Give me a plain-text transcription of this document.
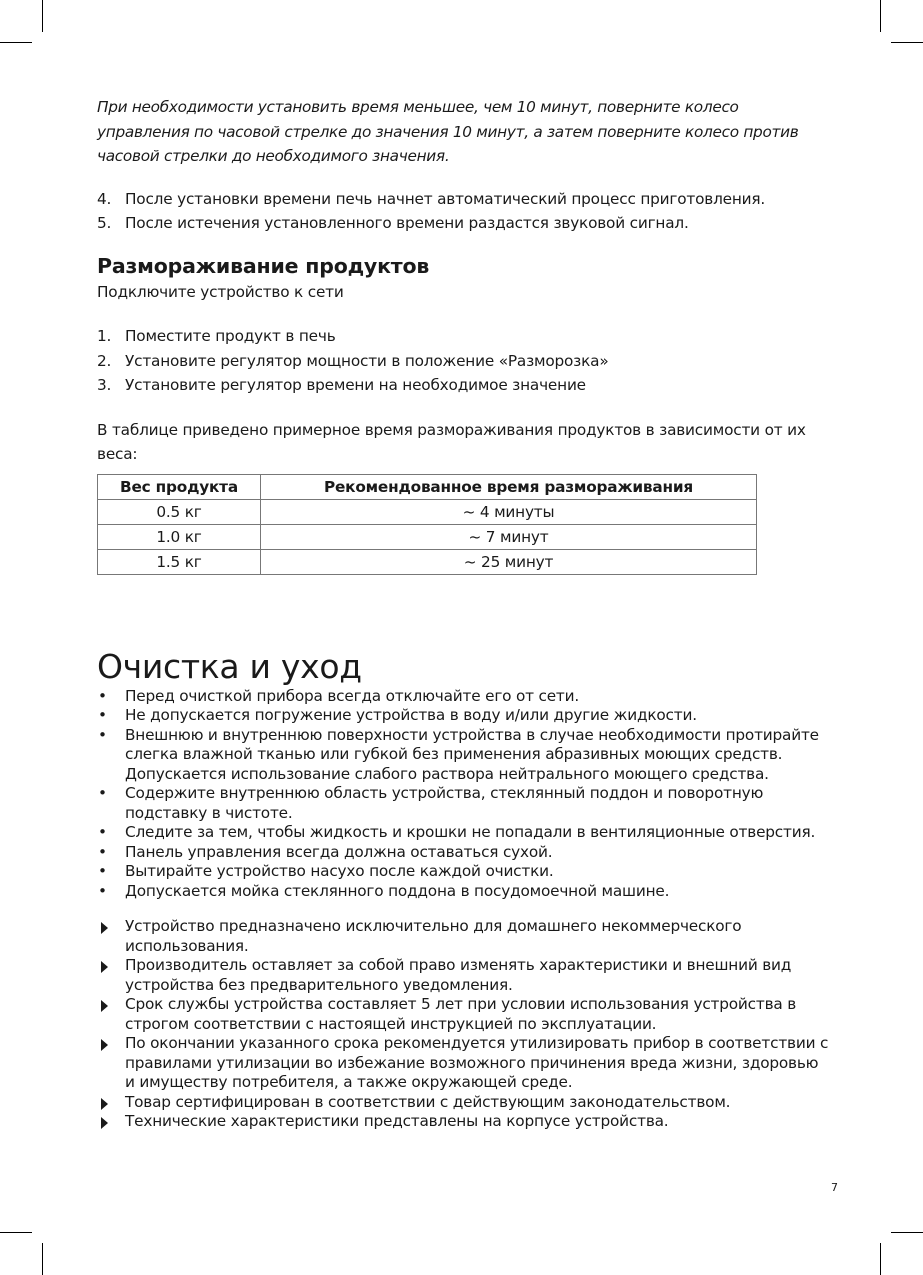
При необходимости установить время меньшее, чем 10 минут, поверните колесо управления по часовой стрелке до значения 10 минут, а затем поверните колесо против часовой стрелки до необходимого значения.

4. После установки времени печь начнет автоматический процесс приготовления.
5. После истечения установленного времени раздастся звуковой сигнал.
Размораживание продуктов

Подключите устройство к сети

1. Поместите продукт в печь
2. Установите регулятор мощности в положение «Разморозка»
3. Установите регулятор времени на необходимое значение

В таблице приведено примерное время размораживания продуктов в зависимости от их веса:

Вес продукта	Рекомендованное время размораживания
0.5 кг	~ 4 минуты
1.0 кг	~ 7 минут
1.5 кг	~ 25 минут
Очистка и уход
• Перед очисткой прибора всегда отключайте его от сети.
• Не допускается погружение устройства в воду и/или другие жидкости.
• Внешнюю и внутреннюю поверхности устройства в случае необходимости протирайте слегка влажной тканью или губкой без применения абразивных моющих средств. Допускается использование слабого раствора нейтрального моющего средства.
• Содержите внутреннюю область устройства, стеклянный поддон и поворотную подставку в чистоте.
• Следите за тем, чтобы жидкость и крошки не попадали в вентиляционные отверстия.
• Панель управления всегда должна оставаться сухой.
• Вытирайте устройство насухо после каждой очистки.
• Допускается мойка стеклянного поддона в посудомоечной машине.
Устройство предназначено исключительно для домашнего некоммерческого использования.
Производитель оставляет за собой право изменять характеристики и внешний вид устройства без предварительного уведомления.
Срок службы устройства составляет 5 лет при условии использования устройства в строгом соответствии с настоящей инструкцией по эксплуатации.
По окончании указанного срока рекомендуется утилизировать прибор в соответствии с правилами утилизации во избежание возможного причинения вреда жизни, здоровью и имуществу потребителя, а также окружающей среде.
Товар сертифицирован в соответствии с действующим законодательством.
Технические характеристики представлены на корпусе устройства.
7
